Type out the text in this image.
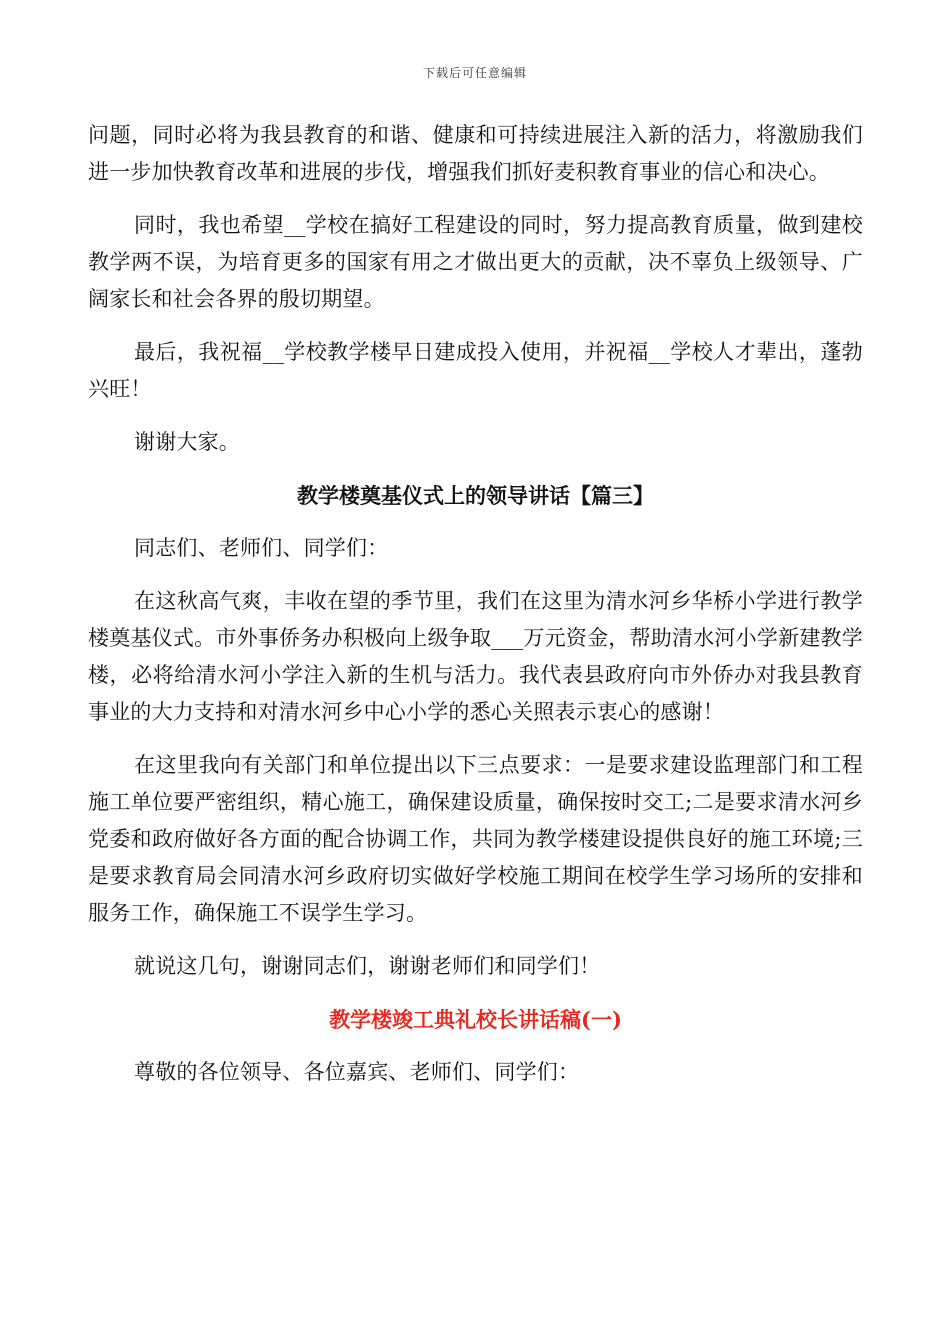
下载后可任意编辑

问题，同时必将为我县教育的和谐、健康和可持续进展注入新的活力，将激励我们进一步加快教育改革和进展的步伐，增强我们抓好麦积教育事业的信心和决心。

同时，我也希望__学校在搞好工程建设的同时，努力提高教育质量，做到建校教学两不误，为培育更多的国家有用之才做出更大的贡献，决不辜负上级领导、广阔家长和社会各界的殷切期望。

最后，我祝福__学校教学楼早日建成投入使用，并祝福__学校人才辈出，蓬勃兴旺！

谢谢大家。

教学楼奠基仪式上的领导讲话【篇三】

同志们、老师们、同学们：

在这秋高气爽，丰收在望的季节里，我们在这里为清水河乡华桥小学进行教学楼奠基仪式。市外事侨务办积极向上级争取___万元资金，帮助清水河小学新建教学楼，必将给清水河小学注入新的生机与活力。我代表县政府向市外侨办对我县教育事业的大力支持和对清水河乡中心小学的悉心关照表示衷心的感谢！

在这里我向有关部门和单位提出以下三点要求：一是要求建设监理部门和工程施工单位要严密组织，精心施工，确保建设质量，确保按时交工;二是要求清水河乡党委和政府做好各方面的配合协调工作，共同为教学楼建设提供良好的施工环境;三是要求教育局会同清水河乡政府切实做好学校施工期间在校学生学习场所的安排和服务工作，确保施工不误学生学习。

就说这几句，谢谢同志们，谢谢老师们和同学们！

教学楼竣工典礼校长讲话稿(一)

尊敬的各位领导、各位嘉宾、老师们、同学们：
